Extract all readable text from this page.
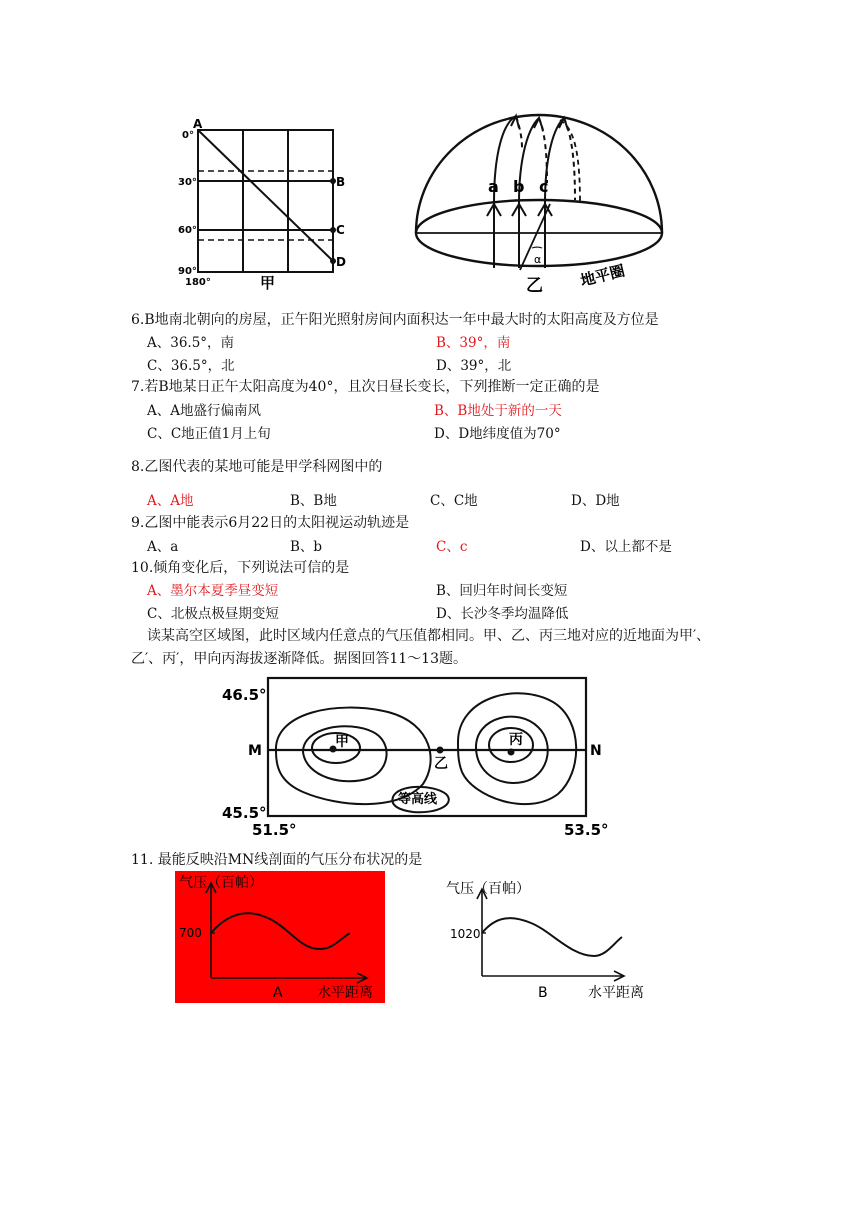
0°
30°
60°
90°
180°
A
B
C
D
甲
a b c
α
乙 地平圈
6.B地南北朝向的房屋，正午阳光照射房间内面积达一年中最大时的太阳高度及方位是
A、36.5°，南	B、39°，南
C、36.5°，北	D、39°，北
7.若B地某日正午太阳高度为40°，且次日昼长变长，下列推断一定正确的是
A、A地盛行偏南风	B、B地处于新的一天
C、C地正值1月上旬	D、D地纬度值为70°
8.乙图代表的某地可能是甲学科网图中的
A、A地	B、B地	C、C地	D、D地
9.乙图中能表示6月22日的太阳视运动轨迹是
A、a	B、b	C、c	D、以上都不是
10.倾角变化后，下列说法可信的是
A、墨尔本夏季昼变短	B、回归年时间长变短
C、北极点极昼期变短	D、长沙冬季均温降低
读某高空区域图，此时区域内任意点的气压值都相同。甲、乙、丙三地对应的近地面为甲′、
乙′、丙′，甲向丙海拔逐渐降低。据图回答11～13题。
46.5°
45.5°
51.5°	53.5°
M	N
甲
乙
丙
等高线
11. 最能反映沿MN线剖面的气压分布状况的是
气压（百帕）
700
A 水平距离
气压（百帕）
1020
B	水平距离
